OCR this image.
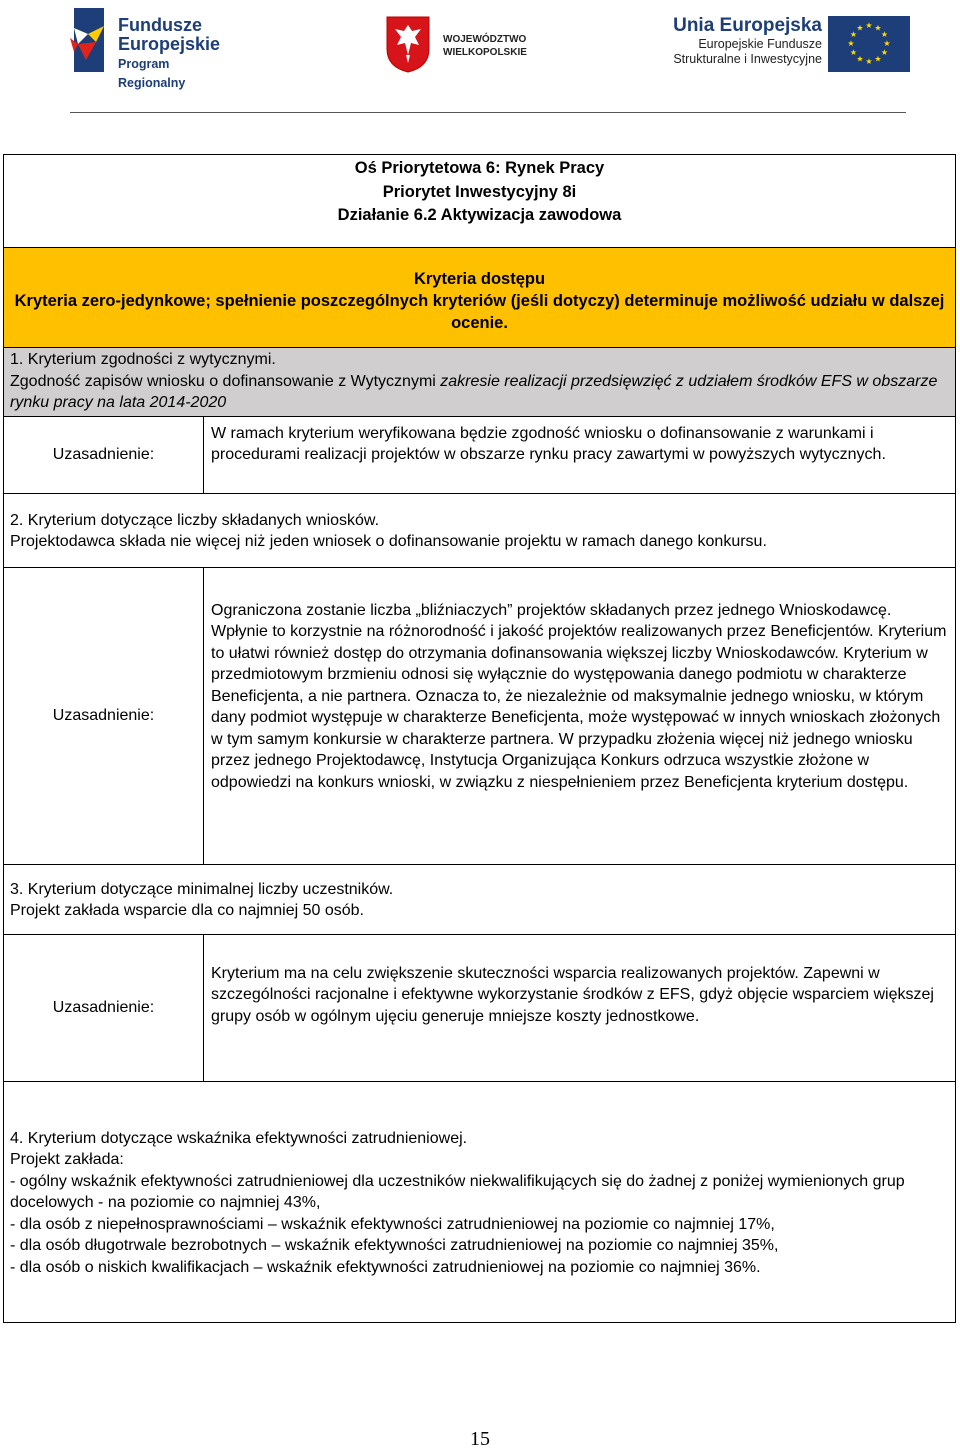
Fundusze
Europejskie
Program Regionalny
WOJEWÓDZTWO
WIELKOPOLSKIE
Unia Europejska
Europejskie Fundusze
Strukturalne i Inwestycyjne
★ ★
★
★
★
★
★
★
★
★
★
★
Oś Priorytetowa 6: Rynek Pracy
Priorytet Inwestycyjny 8i
Działanie 6.2 Aktywizacja zawodowa
Kryteria dostępu
Kryteria zero-jedynkowe; spełnienie poszczególnych kryteriów (jeśli dotyczy) determinuje możliwość udziału w dalszej ocenie.
1. Kryterium zgodności z wytycznymi.
Zgodność zapisów wniosku o dofinansowanie z Wytycznymi zakresie realizacji przedsięwzięć z udziałem środków EFS w obszarze rynku pracy na lata 2014-2020
Uzasadnienie:
W ramach kryterium weryfikowana będzie zgodność wniosku o dofinansowanie z warunkami i procedurami realizacji projektów w obszarze rynku pracy zawartymi w powyższych wytycznych.
2. Kryterium dotyczące liczby składanych wniosków.
Projektodawca składa nie więcej niż jeden wniosek o dofinansowanie projektu w ramach danego konkursu.
Uzasadnienie:
Ograniczona zostanie liczba „bliźniaczych” projektów składanych przez jednego Wnioskodawcę. Wpłynie to korzystnie na różnorodność i jakość projektów realizowanych przez Beneficjentów. Kryterium to ułatwi również dostęp do otrzymania dofinansowania większej liczby Wnioskodawców. Kryterium w przedmiotowym brzmieniu odnosi się wyłącznie do występowania danego podmiotu w charakterze Beneficjenta, a nie partnera. Oznacza to, że niezależnie od maksymalnie jednego wniosku, w którym dany podmiot występuje w charakterze Beneficjenta, może występować w innych wnioskach złożonych w tym samym konkursie w charakterze partnera. W przypadku złożenia więcej niż jednego wniosku przez jednego Projektodawcę, Instytucja Organizująca Konkurs odrzuca wszystkie złożone w odpowiedzi na konkurs wnioski, w związku z niespełnieniem przez Beneficjenta kryterium dostępu.
3. Kryterium dotyczące minimalnej liczby uczestników.
Projekt zakłada wsparcie dla co najmniej 50 osób.
Uzasadnienie:
Kryterium ma na celu zwiększenie skuteczności wsparcia realizowanych projektów. Zapewni w szczególności racjonalne i efektywne wykorzystanie środków z EFS, gdyż objęcie wsparciem większej grupy osób w ogólnym ujęciu generuje mniejsze koszty jednostkowe.
4. Kryterium dotyczące wskaźnika efektywności zatrudnieniowej.
Projekt zakłada:
- ogólny wskaźnik efektywności zatrudnieniowej dla uczestników niekwalifikujących się do żadnej z poniżej wymienionych grup docelowych - na poziomie co najmniej 43%,
- dla osób z niepełnosprawnościami – wskaźnik efektywności zatrudnieniowej na poziomie co najmniej 17%,
- dla osób długotrwale bezrobotnych – wskaźnik efektywności zatrudnieniowej na poziomie co najmniej 35%,
- dla osób o niskich kwalifikacjach – wskaźnik efektywności zatrudnieniowej na poziomie co najmniej 36%.
15
